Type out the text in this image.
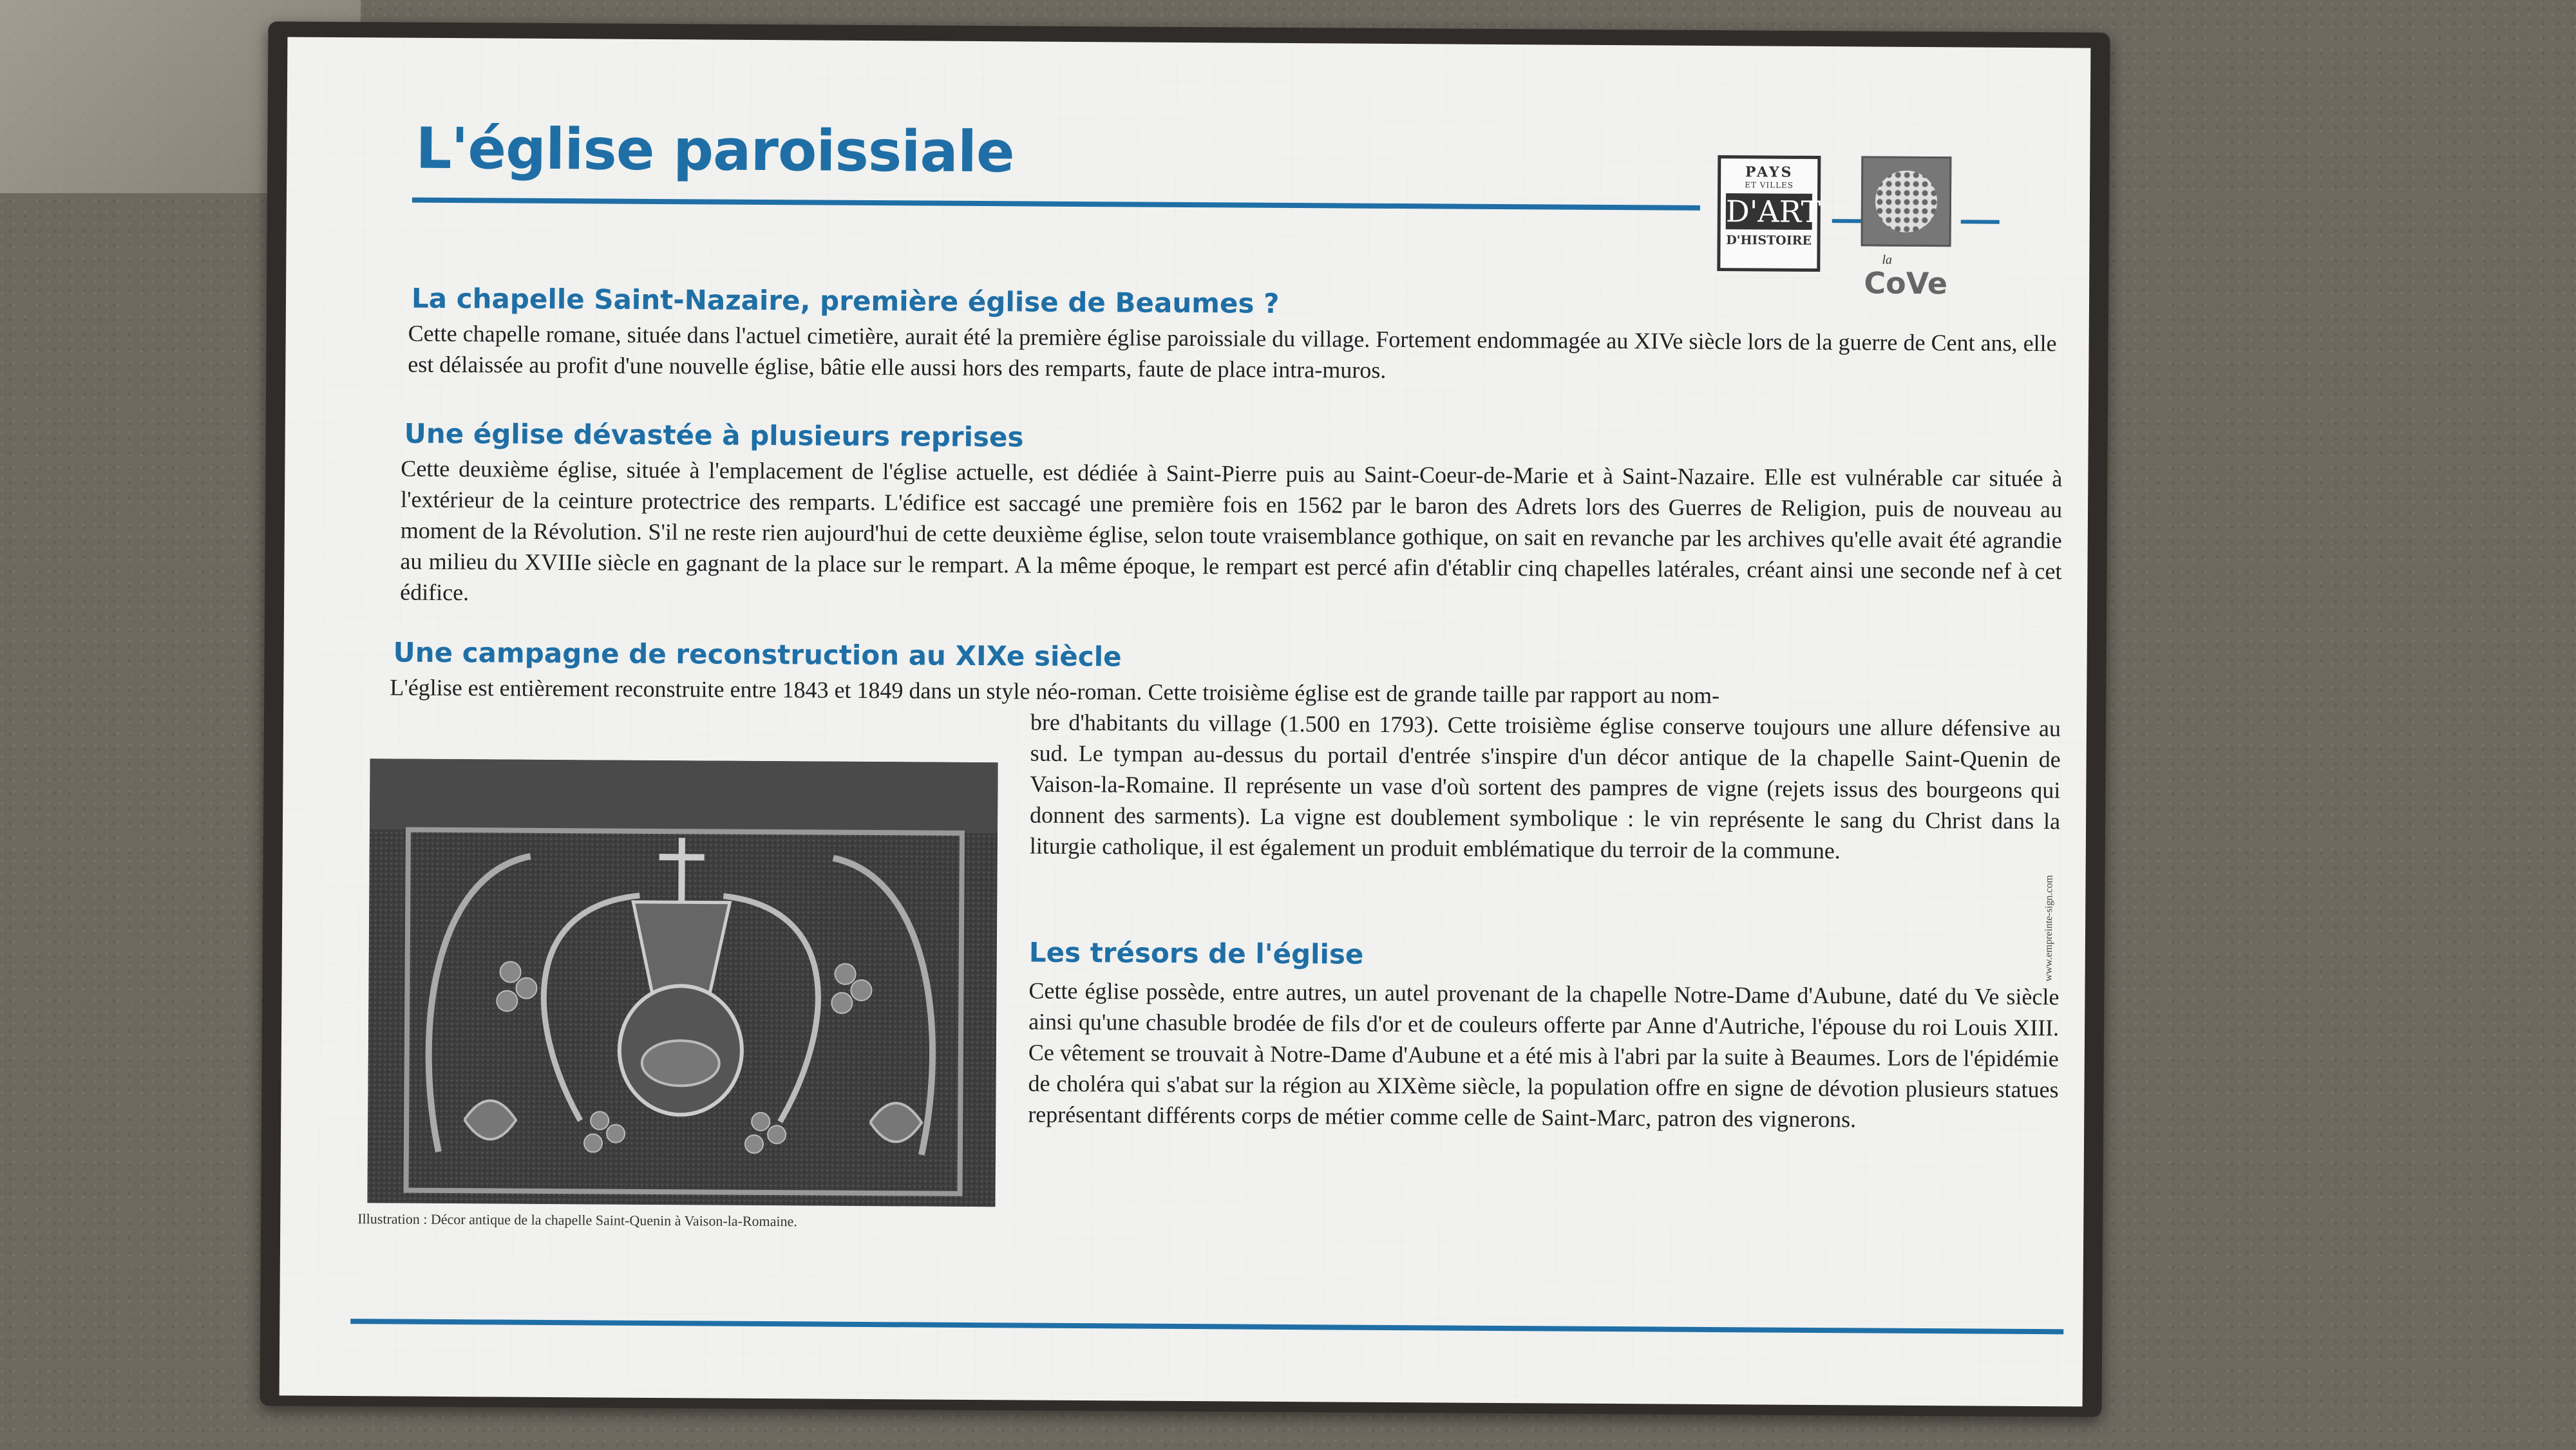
L'église paroissiale	PAYS
ET VILLES
D'ART
D'HISTOIRE
la
CoVe
La chapelle Saint-Nazaire, première église de Beaumes ?

Cette chapelle romane, située dans l'actuel cimetière, aurait été la première église paroissiale du village. Fortement endommagée au XIVe siècle lors de la guerre de Cent ans, elle est délaissée au profit d'une nouvelle église, bâtie elle aussi hors des remparts, faute de place intra-muros.

Une église dévastée à plusieurs reprises

Cette deuxième église, située à l'emplacement de l'église actuelle, est dédiée à Saint-Pierre puis au Saint-Coeur-de-Marie et à Saint-Nazaire. Elle est vulnérable car située à l'extérieur de la ceinture protectrice des remparts. L'édifice est saccagé une première fois en 1562 par le baron des Adrets lors des Guerres de Religion, puis de nouveau au moment de la Révolution. S'il ne reste rien aujourd'hui de cette deuxième église, selon toute vraisemblance gothique, on sait en revanche par les archives qu'elle avait été agrandie au milieu du XVIIIe siècle en gagnant de la place sur le rempart. A la même époque, le rempart est percé afin d'établir cinq chapelles latérales, créant ainsi une seconde nef à cet édifice.

Une campagne de reconstruction au XIXe siècle

L'église est entièrement reconstruite entre 1843 et 1849 dans un style néo-roman. Cette troisième église est de grande taille par rapport au nom-

bre d'habitants du village (1.500 en 1793). Cette troisième église conserve toujours une allure défensive au sud. Le tympan au-dessus du portail d'entrée s'inspire d'un décor antique de la chapelle Saint-Quenin de Vaison-la-Romaine. Il représente un vase d'où sortent des pampres de vigne (rejets issus des bourgeons qui donnent des sarments). La vigne est doublement symbolique : le vin représente le sang du Christ dans la liturgie catholique, il est également un produit emblématique du terroir de la commune.

Les trésors de l'église

Cette église possède, entre autres, un autel provenant de la chapelle Notre-Dame d'Aubune, daté du Ve siècle ainsi qu'une chasuble brodée de fils d'or et de couleurs offerte par Anne d'Autriche, l'épouse du roi Louis XIII. Ce vêtement se trouvait à Notre-Dame d'Aubune et a été mis à l'abri par la suite à Beaumes. Lors de l'épidémie de choléra qui s'abat sur la région au XIXème siècle, la population offre en signe de dévotion plusieurs statues représentant différents corps de métier comme celle de Saint-Marc, patron des vignerons.

Illustration : Décor antique de la chapelle Saint-Quenin à Vaison-la-Romaine.

www.empreinte-sign.com
